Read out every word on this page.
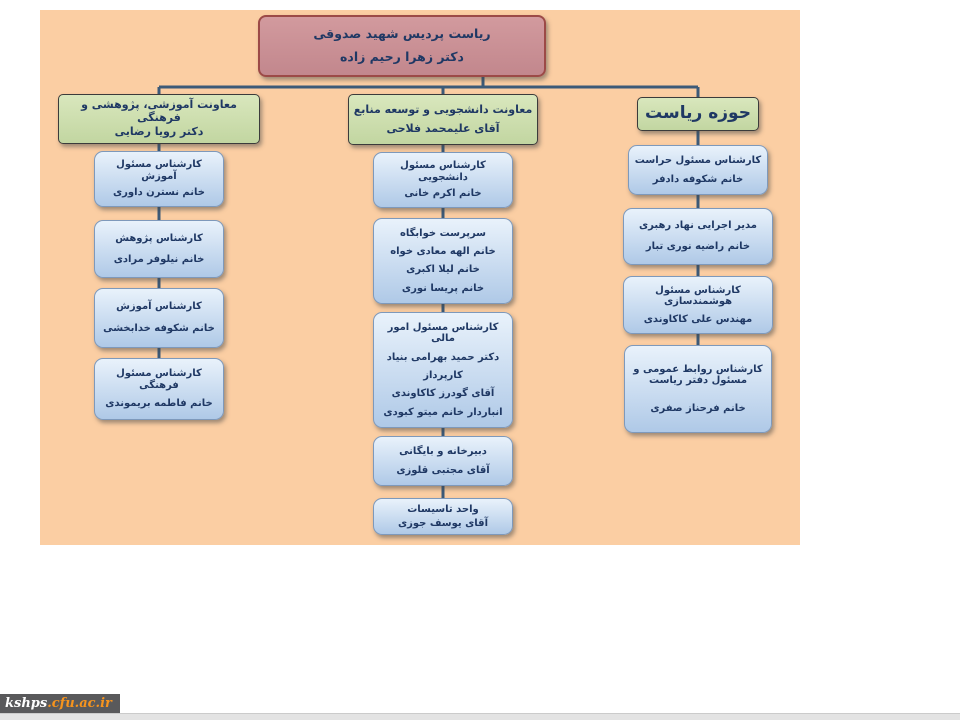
ریاست پردیس شهید صدوقی
دکتر زهرا رحیم زاده
معاونت آموزشی، پژوهشی و فرهنگی
دکتر رویا رضایی
کارشناس مسئول آموزش
خانم نسترن داوری
کارشناس پژوهش
خانم نیلوفر مرادی
کارشناس آموزش
خانم شکوفه خدابخشی
کارشناس مسئول فرهنگی
خانم فاطمه بریموندی
معاونت دانشجویی و توسعه منابع
آقای علیمحمد فلاحی
کارشناس مسئول دانشجویی
خانم اکرم خانی
سرپرست خوابگاه
خانم الهه معادی خواه
خانم لیلا اکبری
خانم پریسا نوری
کارشناس مسئول امور مالی
دکتر حمید بهرامی بنیاد
کارپرداز
آقای گودرز کاکاوندی
انباردار خانم میتو کبودی
دبیرخانه و بایگانی
آقای مجتبی قلوزی
واحد تاسیسات
آقای یوسف جوزی
حوزه ریاست
کارشناس مسئول حراست
خانم شکوفه دادفر
مدیر اجرایی نهاد رهبری
خانم راضیه نوری تبار
کارشناس مسئول هوشمندسازی
مهندس علی کاکاوندی
کارشناس روابط عمومی و مسئول دفتر ریاست
خانم فرحناز صفری
kshps .cfu.ac.ir
